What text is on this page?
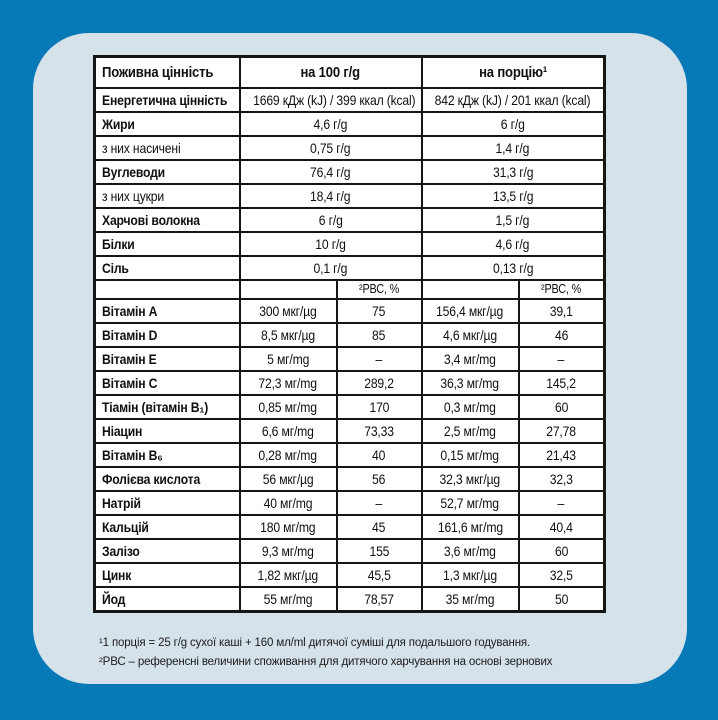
Поживна цінність	на 100 г/g		на порцію¹	
Енергетична цінність	1669 кДж (kJ) / 399 ккал (kcal)		842 кДж (kJ) / 201 ккал (kcal)	
Жири	4,6 г/g		6 г/g	
з них насичені	0,75 г/g		1,4 г/g	
Вуглеводи	76,4 г/g		31,3 г/g	
з них цукри	18,4 г/g		13,5 г/g	
Харчові волокна	6 г/g		1,5 г/g	
Білки	10 г/g		4,6 г/g	
Сіль	0,1 г/g		0,13 г/g	
		²РВС, %		²РВС, %
Вітамін A	300 мкг/µg	75	156,4 мкг/µg	39,1
Вітамін D	8,5 мкг/µg	85	4,6 мкг/µg	46
Вітамін E	5 мг/mg	–	3,4 мг/mg	–
Вітамін C	72,3 мг/mg	289,2	36,3 мг/mg	145,2
Тіамін (вітамін B₁)	0,85 мг/mg	170	0,3 мг/mg	60
Ніацин	6,6 мг/mg	73,33	2,5 мг/mg	27,78
Вітамін B₆	0,28 мг/mg	40	0,15 мг/mg	21,43
Фолієва кислота	56 мкг/µg	56	32,3 мкг/µg	32,3
Натрій	40 мг/mg	–	52,7 мг/mg	–
Кальцій	180 мг/mg	45	161,6 мг/mg	40,4
Залізо	9,3 мг/mg	155	3,6 мг/mg	60
Цинк	1,82 мкг/µg	45,5	1,3 мкг/µg	32,5
Йод	55 мг/mg	78,57	35 мг/mg	50
¹1 порція = 25 г/g сухої каші + 160 мл/ml дитячої суміші для подальшого годування.
²РВС – референсні величини споживання для дитячого харчування на основі зернових
